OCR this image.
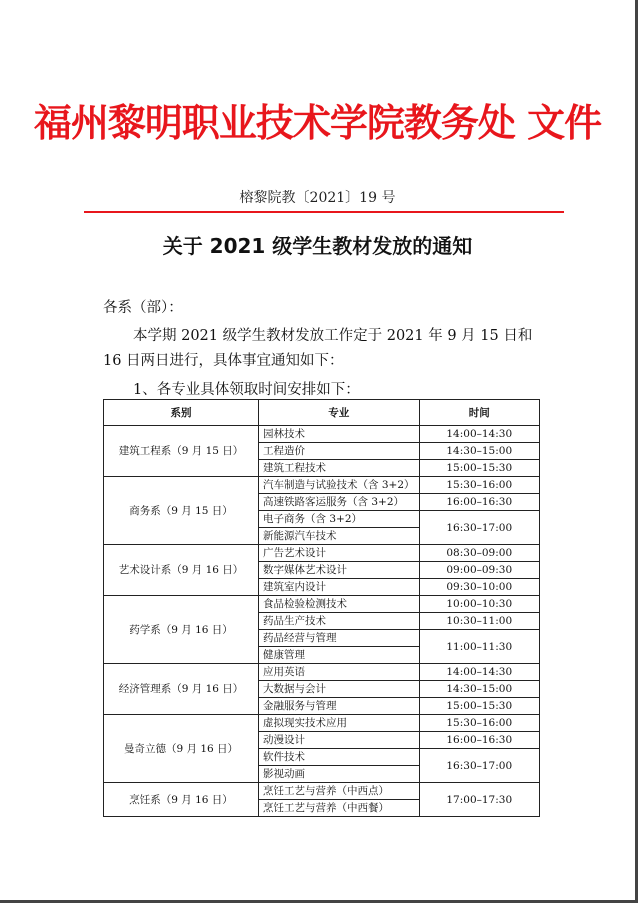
福州黎明职业技术学院教务处 文件
榕黎院教〔2021〕19 号
关于 2021 级学生教材发放的通知
各系（部）：
本学期 2021 级学生教材发放工作定于 2021 年 9 月 15 日和 16 日两日进行，具体事宜通知如下：
1、各专业具体领取时间安排如下：
系别	专业	时间
建筑工程系（9 月 15 日）	园林技术	14:00–14:30
	工程造价	14:30–15:00
	建筑工程技术	15:00–15:30
商务系（9 月 15 日）	汽车制造与试验技术（含 3+2）	15:30–16:00
	高速铁路客运服务（含 3+2）	16:00–16:30
	电子商务（含 3+2）	16:30–17:00
	新能源汽车技术	
艺术设计系（9 月 16 日）	广告艺术设计	08:30–09:00
	数字媒体艺术设计	09:00–09:30
	建筑室内设计	09:30–10:00
药学系（9 月 16 日）	食品检验检测技术	10:00–10:30
	药品生产技术	10:30–11:00
	药品经营与管理	11:00–11:30
	健康管理	
经济管理系（9 月 16 日）	应用英语	14:00–14:30
	大数据与会计	14:30–15:00
	金融服务与管理	15:00–15:30
曼奇立德（9 月 16 日）	虚拟现实技术应用	15:30–16:00
	动漫设计	16:00–16:30
	软件技术	16:30–17:00
	影视动画	
烹饪系（9 月 16 日）	烹饪工艺与营养（中西点）	17:00–17:30
	烹饪工艺与营养（中西餐）	
